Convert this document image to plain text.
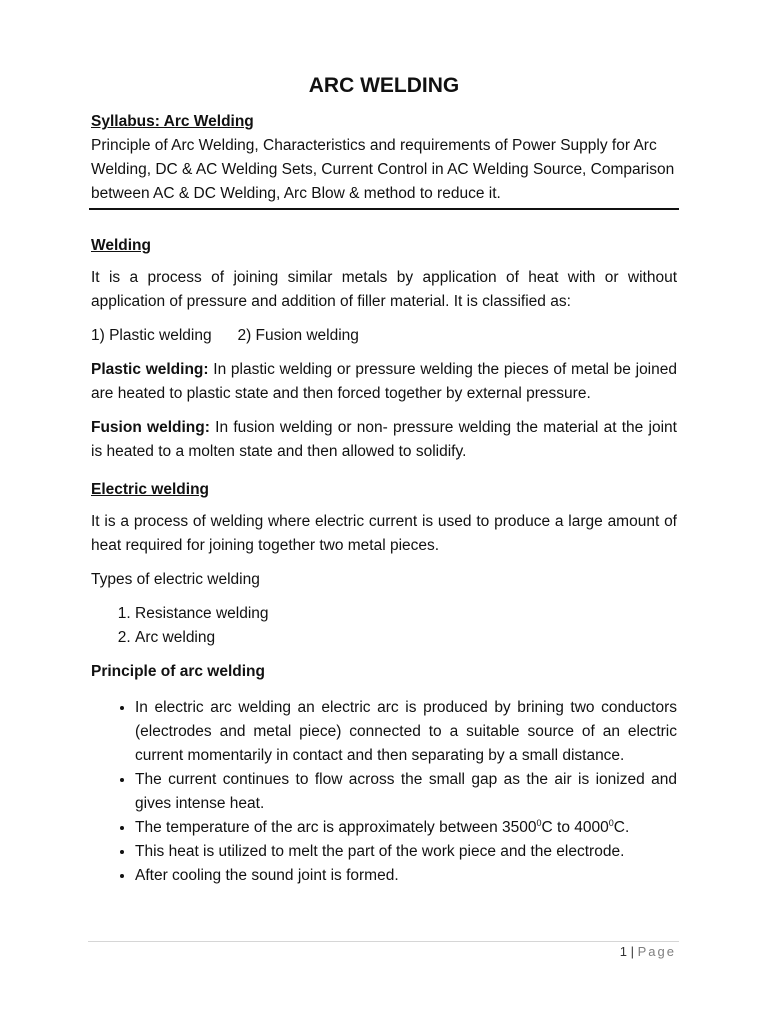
ARC WELDING
Syllabus: Arc Welding
Principle of Arc Welding, Characteristics and requirements of Power Supply for Arc Welding, DC & AC Welding Sets, Current Control in AC Welding Source, Comparison between AC & DC Welding, Arc Blow & method to reduce it.
Welding

It is a process of joining similar metals by application of heat with or without application of pressure and addition of filler material. It is classified as:

1) Plastic welding      2) Fusion welding

Plastic welding: In plastic welding or pressure welding the pieces of metal be joined are heated to plastic state and then forced together by external pressure.

Fusion welding: In fusion welding or non- pressure welding the material at the joint is heated to a molten state and then allowed to solidify.

Electric welding

It is a process of welding where electric current is used to produce a large amount of heat required for joining together two metal pieces.

Types of electric welding

1. Resistance welding
2. Arc welding
Principle of arc welding
• In electric arc welding an electric arc is produced by brining two conductors (electrodes and metal piece) connected to a suitable source of an electric current momentarily in contact and then separating by a small distance.
• The current continues to flow across the small gap as the air is ionized and gives intense heat.
• The temperature of the arc is approximately between 3500$^0$C to 4000$^0$C.
• This heat is utilized to melt the part of the work piece and the electrode.
• After cooling the sound joint is formed.
1 | Page
